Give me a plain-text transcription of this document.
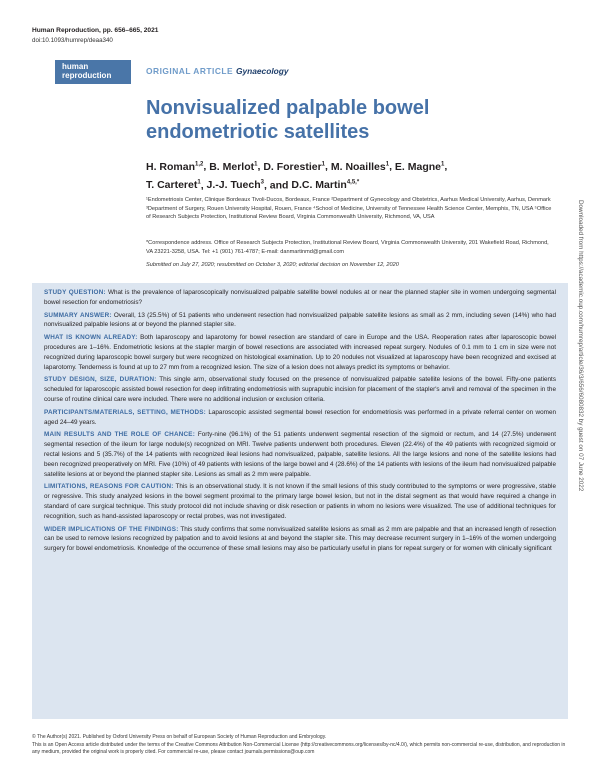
Human Reproduction, pp. 656–665, 2021
doi:10.1093/humrep/deaa340
human
reproduction	ORIGINAL ARTICLE Gynaecology
Nonvisualized palpable bowel endometriotic satellites
H. Roman$^{1,2}$, B. Merlot$^1$, D. Forestier$^1$, M. Noailles$^1$, E. Magne$^1$,
T. Carteret$^1$, J.-J. Tuech$^3$, and D.C. Martin$^{4,5,*}$
¹Endometriosis Center, Clinique Bordeaux Tivoli-Ducos, Bordeaux, France ²Department of Gynecology and Obstetrics, Aarhus Medical University, Aarhus, Denmark ³Department of Surgery, Rouen University Hospital, Rouen, France ⁴School of Medicine, University of Tennessee Health Science Center, Memphis, TN, USA ⁵Office of Research Subjects Protection, Institutional Review Board, Virginia Commonwealth University, Richmond, VA, USA
*Correspondence address. Office of Research Subjects Protection, Institutional Review Board, Virginia Commonwealth University, 201 Wakefield Road, Richmond, VA 23221-3258, USA. Tel: +1 (901) 761-4787; E-mail: danmartinmd@gmail.com
Submitted on July 27, 2020; resubmitted on October 3, 2020; editorial decision on November 12, 2020

STUDY QUESTION: What is the prevalence of laparoscopically nonvisualized palpable satellite bowel nodules at or near the planned stapler site in women undergoing segmental bowel resection for endometriosis?

SUMMARY ANSWER: Overall, 13 (25.5%) of 51 patients who underwent resection had nonvisualized palpable satellite lesions as small as 2 mm, including seven (14%) who had nonvisualized palpable lesions at or beyond the planned stapler site.

WHAT IS KNOWN ALREADY: Both laparoscopy and laparotomy for bowel resection are standard of care in Europe and the USA. Reoperation rates after laparoscopic bowel procedures are 1–16%. Endometriotic lesions at the stapler margin of bowel resections are associated with increased repeat surgery. Nodules of 0.1 mm to 1 cm in size were not recognized during laparoscopic bowel surgery but were recognized on histological examination. Up to 20 nodules not visualized at laparoscopy have been recognized and excised at laparotomy. Tenderness is found at up to 27 mm from a recognized lesion. The size of a lesion does not always predict its symptoms or behavior.

STUDY DESIGN, SIZE, DURATION: This single arm, observational study focused on the presence of nonvisualized palpable satellite lesions of the bowel. Fifty-one patients scheduled for laparoscopic assisted bowel resection for deep infiltrating endometriosis with suprapubic incision for placement of the stapler's anvil and removal of the specimen in the course of routine clinical care were included. There were no additional inclusion or exclusion criteria.

PARTICIPANTS/MATERIALS, SETTING, METHODS: Laparoscopic assisted segmental bowel resection for endometriosis was performed in a private referral center on women aged 24–49 years.

MAIN RESULTS AND THE ROLE OF CHANCE: Forty-nine (96.1%) of the 51 patients underwent segmental resection of the sigmoid or rectum, and 14 (27.5%) underwent segmental resection of the ileum for large nodule(s) recognized on MRI. Twelve patients underwent both procedures. Eleven (22.4%) of the 49 patients with recognized sigmoid or rectal lesions and 5 (35.7%) of the 14 patients with recognized ileal lesions had nonvisualized, palpable, satellite lesions. All the large lesions and none of the satellite lesions had been recognized preoperatively on MRI. Five (10%) of 49 patients with lesions of the large bowel and 4 (28.6%) of the 14 patients with lesions of the ileum had nonvisualized palpable satellite lesions at or beyond the planned stapler site. Lesions as small as 2 mm were palpable.

LIMITATIONS, REASONS FOR CAUTION: This is an observational study. It is not known if the small lesions of this study contributed to the symptoms or were progressive, stable or regressive. This study analyzed lesions in the bowel segment proximal to the primary large bowel lesion, but not in the distal segment as that would have required a change in standard of care surgical technique. This study protocol did not include shaving or disk resection or patients in whom no lesions were visualized. The use of additional techniques for recognition, such as hand-assisted laparoscopy or rectal probes, was not investigated.

WIDER IMPLICATIONS OF THE FINDINGS: This study confirms that some nonvisualized satellite lesions as small as 2 mm are palpable and that an increased length of resection can be used to remove lesions recognized by palpation and to avoid lesions at and beyond the stapler site. This may decrease recurrent surgery in 1–16% of the women undergoing surgery for bowel endometriosis. Knowledge of the occurrence of these small lesions may also be particularly useful in plans for repeat surgery or for women with clinically significant

© The Author(s) 2021. Published by Oxford University Press on behalf of European Society of Human Reproduction and Embryology.
This is an Open Access article distributed under the terms of the Creative Commons Attribution Non-Commercial License (http://creativecommons.org/licenses/by-nc/4.0/), which permits non-commercial re-use, distribution, and reproduction in any medium, provided the original work is properly cited. For commercial re-use, please contact journals.permissions@oup.com
Downloaded from https://academic.oup.com/humrep/article/36/3/656/6080832 by guest on 07 June 2022
